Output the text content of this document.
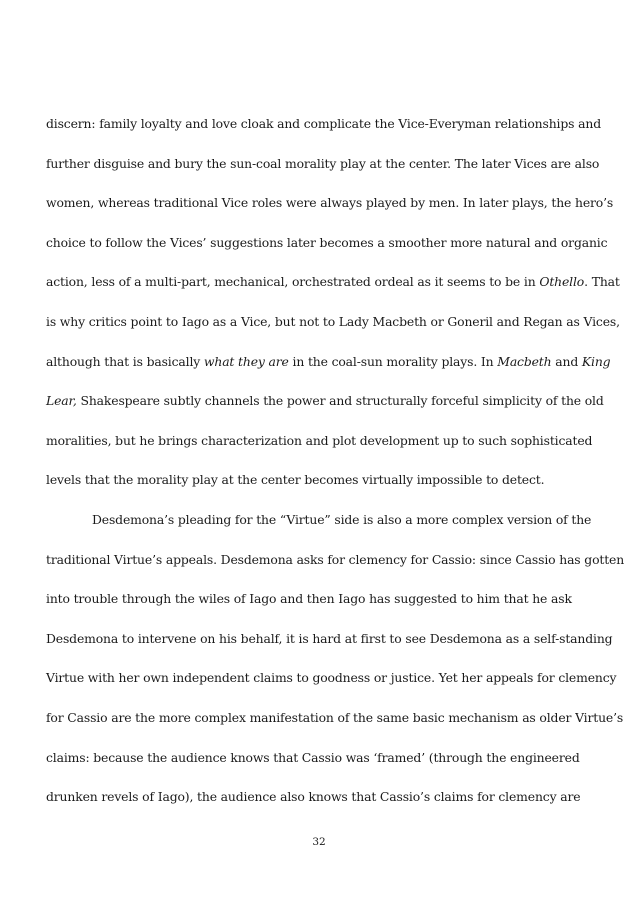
discern: family loyalty and love cloak and complicate the Vice-Everyman relationships and
further disguise and bury the sun-coal morality play at the center. The later Vices are also
women, whereas traditional Vice roles were always played by men. In later plays, the hero’s
choice to follow the Vices’ suggestions later becomes a smoother more natural and organic
action, less of a multi-part, mechanical, orchestrated ordeal as it seems to be in Othello. That
is why critics point to Iago as a Vice, but not to Lady Macbeth or Goneril and Regan as Vices,
although that is basically what they are in the coal-sun morality plays. In Macbeth and King
Lear, Shakespeare subtly channels the power and structurally forceful simplicity of the old
moralities, but he brings characterization and plot development up to such sophisticated
levels that the morality play at the center becomes virtually impossible to detect.
Desdemona’s pleading for the “Virtue” side is also a more complex version of the
traditional Virtue’s appeals. Desdemona asks for clemency for Cassio: since Cassio has gotten
into trouble through the wiles of Iago and then Iago has suggested to him that he ask
Desdemona to intervene on his behalf, it is hard at first to see Desdemona as a self-standing
Virtue with her own independent claims to goodness or justice. Yet her appeals for clemency
for Cassio are the more complex manifestation of the same basic mechanism as older Virtue’s
claims: because the audience knows that Cassio was ‘framed’ (through the engineered
drunken revels of Iago), the audience also knows that Cassio’s claims for clemency are
32
